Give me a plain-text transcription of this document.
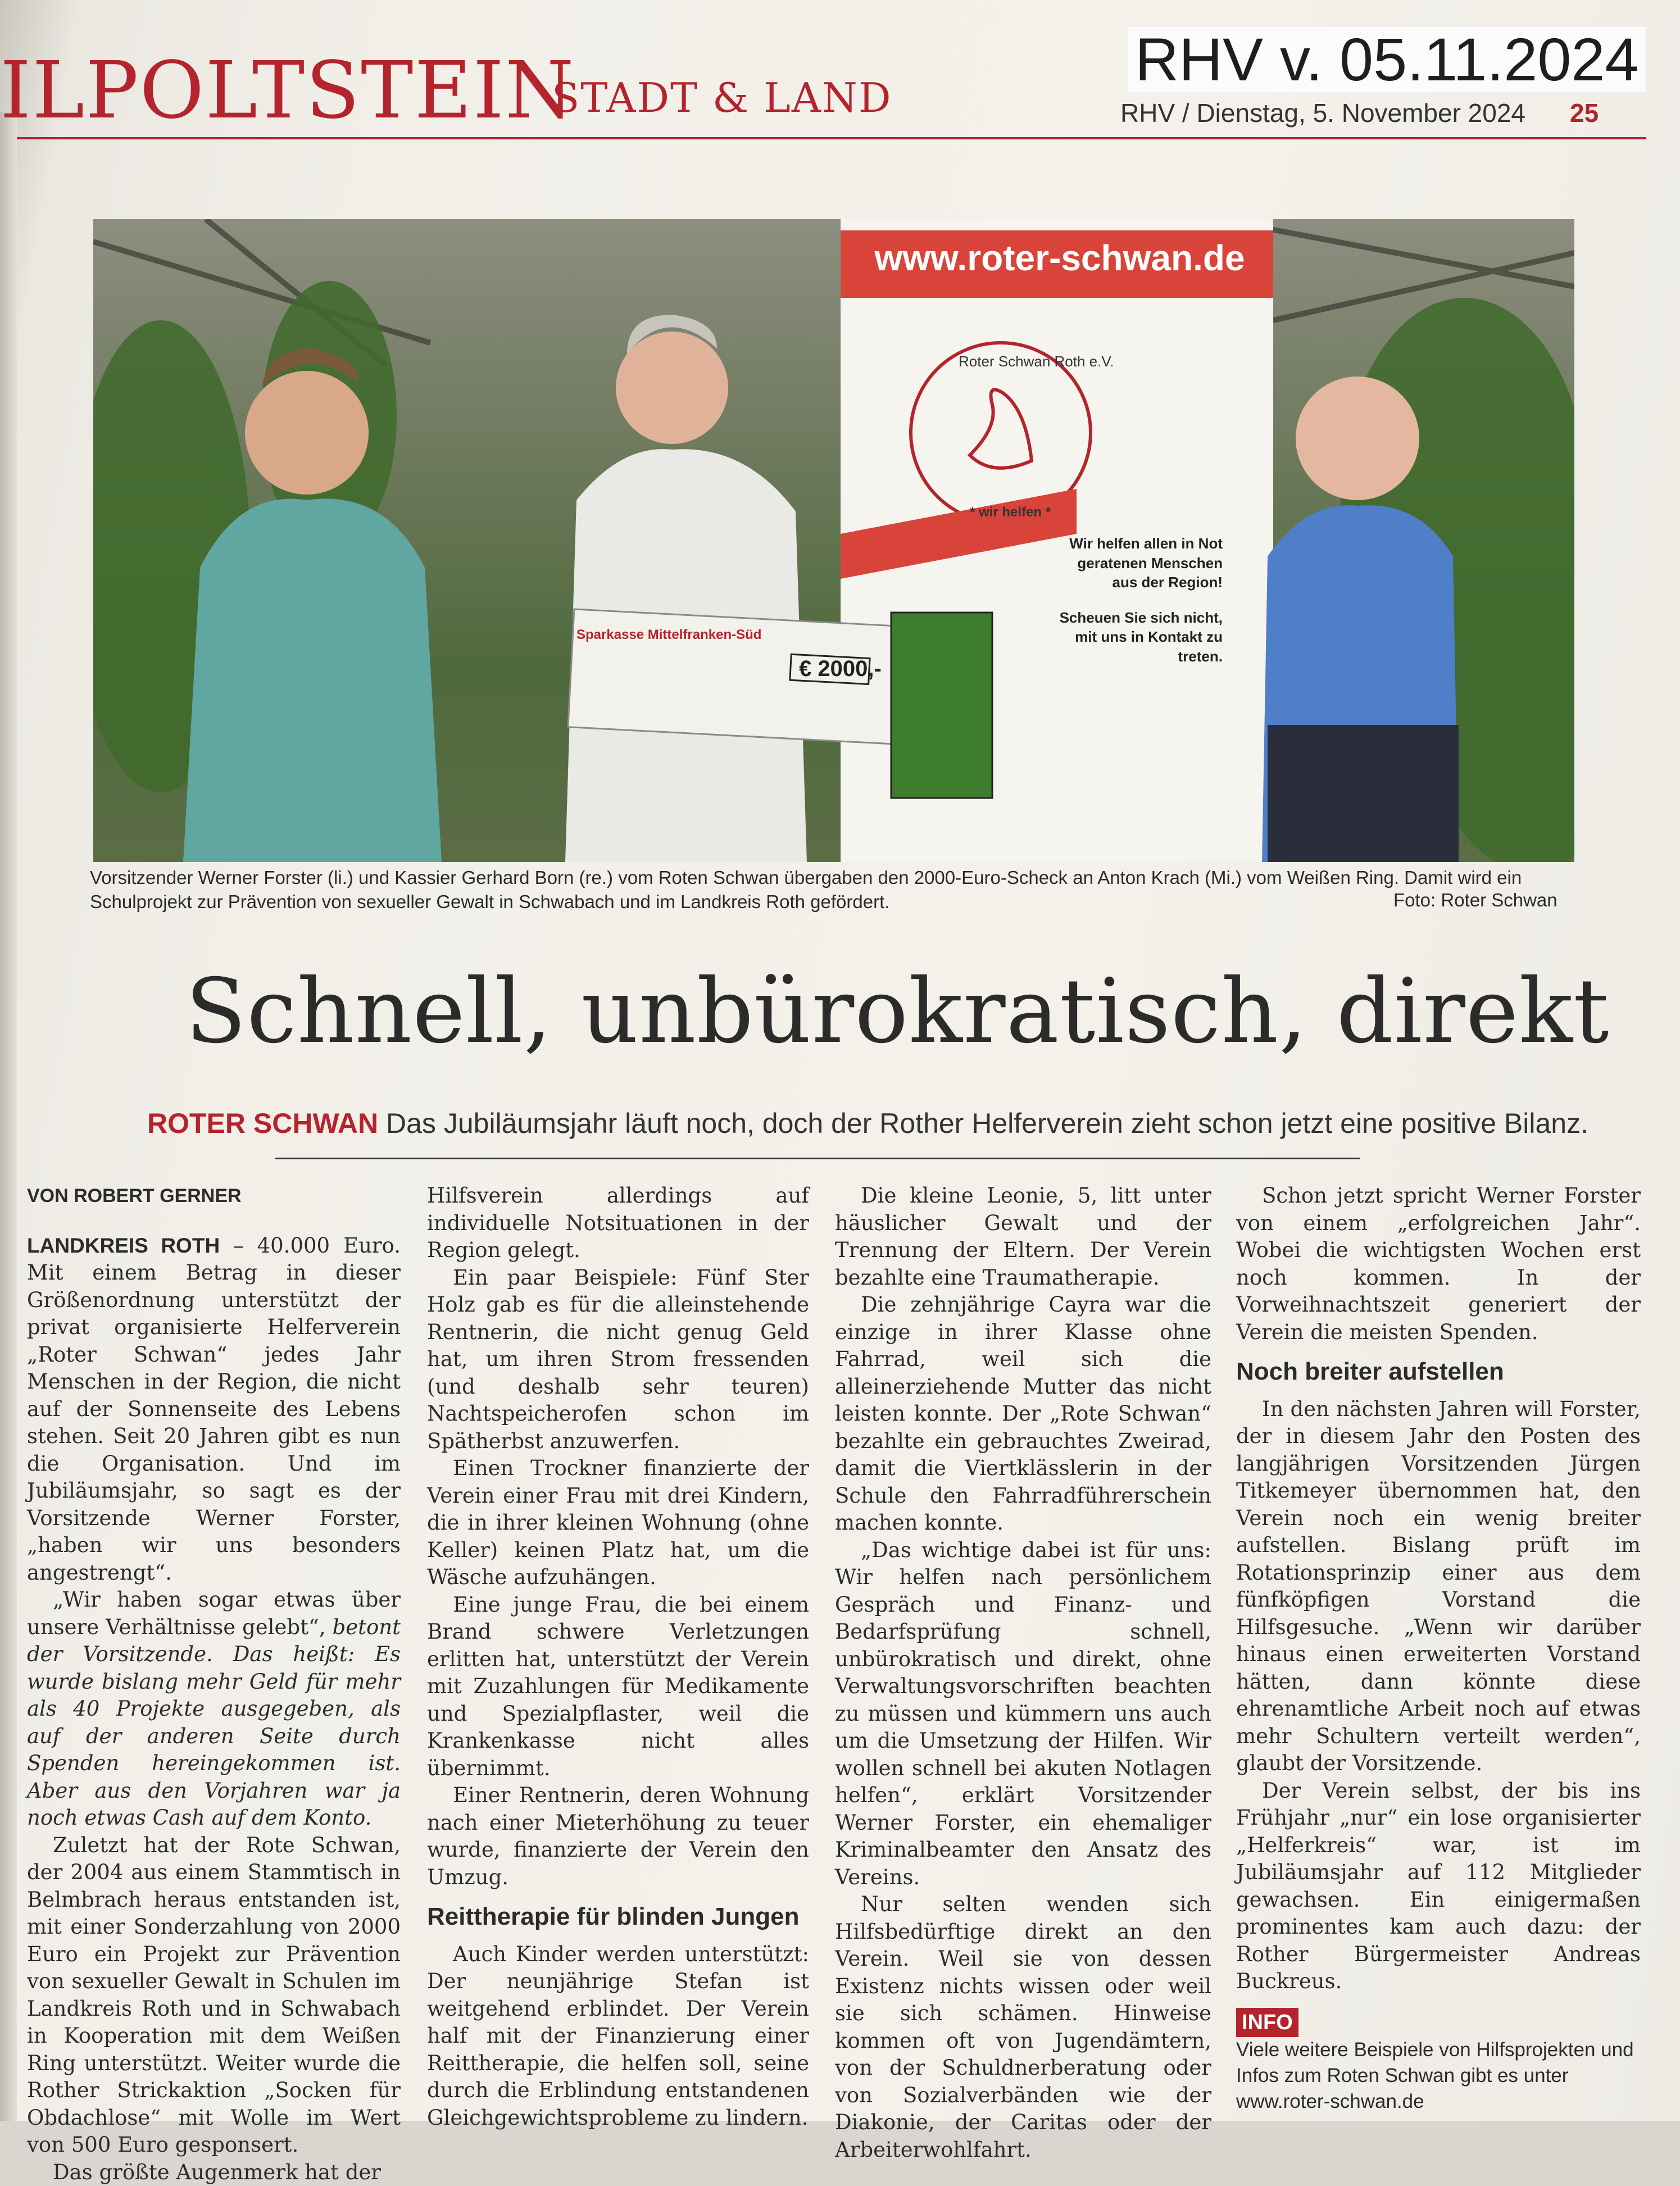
ILPOLTSTEIN
STADT & LAND
RHV v. 05.11.2024
RHV / Dienstag, 5. November 2024 25
www.roter-schwan.de
Roter Schwan Roth e.V.
* wir helfen *

Wir helfen allen in Not geratenen Menschen aus der Region!

Scheuen Sie sich nicht, mit uns in Kontakt zu treten.

Sparkasse Mittelfranken-Süd
€ 2000,-
Vorsitzender Werner Forster (li.) und Kassier Gerhard Born (re.) vom Roten Schwan übergaben den 2000-Euro-Scheck an Anton Krach (Mi.) vom Weißen Ring. Damit wird ein Schulprojekt zur Prävention von sexueller Gewalt in Schwabach und im Landkreis Roth gefördert.	Foto: Roter Schwan
Schnell, unbürokratisch, direkt
ROTER SCHWAN Das Jubiläumsjahr läuft noch, doch der Rother Helferverein zieht schon jetzt eine positive Bilanz.

VON ROBERT GERNER

LANDKREIS ROTH – 40.000 Euro. Mit einem Betrag in dieser Größenordnung unterstützt der privat organisierte Helferverein „Roter Schwan“ jedes Jahr Menschen in der Region, die nicht auf der Sonnenseite des Lebens stehen. Seit 20 Jahren gibt es nun die Organisation. Und im Jubiläumsjahr, so sagt es der Vorsitzende Werner Forster, „haben wir uns besonders angestrengt“.

„Wir haben sogar etwas über unsere Verhältnisse gelebt“, betont der Vorsitzende. Das heißt: Es wurde bislang mehr Geld für mehr als 40 Projekte ausgegeben, als auf der anderen Seite durch Spenden hereingekommen ist. Aber aus den Vorjahren war ja noch etwas Cash auf dem Konto.

Zuletzt hat der Rote Schwan, der 2004 aus einem Stammtisch in Belmbrach heraus entstanden ist, mit einer Sonderzahlung von 2000 Euro ein Projekt zur Prävention von sexueller Gewalt in Schulen im Landkreis Roth und in Schwabach in Kooperation mit dem Weißen Ring unterstützt. Weiter wurde die Rother Strickaktion „Socken für Obdachlose“ mit Wolle im Wert von 500 Euro gesponsert.

Das größte Augenmerk hat der

Hilfsverein allerdings auf individuelle Notsituationen in der Region gelegt.

Ein paar Beispiele: Fünf Ster Holz gab es für die alleinstehende Rentnerin, die nicht genug Geld hat, um ihren Strom fressenden (und deshalb sehr teuren) Nachtspeicherofen schon im Spätherbst anzuwerfen.

Einen Trockner finanzierte der Verein einer Frau mit drei Kindern, die in ihrer kleinen Wohnung (ohne Keller) keinen Platz hat, um die Wäsche aufzuhängen.

Eine junge Frau, die bei einem Brand schwere Verletzungen erlitten hat, unterstützt der Verein mit Zuzahlungen für Medikamente und Spezialpflaster, weil die Krankenkasse nicht alles übernimmt.

Einer Rentnerin, deren Wohnung nach einer Mieterhöhung zu teuer wurde, finanzierte der Verein den Umzug.

Reittherapie für blinden Jungen

Auch Kinder werden unterstützt: Der neunjährige Stefan ist weitgehend erblindet. Der Verein half mit der Finanzierung einer Reittherapie, die helfen soll, seine durch die Erblindung entstandenen Gleichgewichtsprobleme zu lindern.

Die kleine Leonie, 5, litt unter häuslicher Gewalt und der Trennung der Eltern. Der Verein bezahlte eine Traumatherapie.

Die zehnjährige Cayra war die einzige in ihrer Klasse ohne Fahrrad, weil sich die alleinerziehende Mutter das nicht leisten konnte. Der „Rote Schwan“ bezahlte ein gebrauchtes Zweirad, damit die Viertklässlerin in der Schule den Fahrradführerschein machen konnte.

„Das wichtige dabei ist für uns: Wir helfen nach persönlichem Gespräch und Finanz- und Bedarfsprüfung schnell, unbürokratisch und direkt, ohne Verwaltungsvorschriften beachten zu müssen und kümmern uns auch um die Umsetzung der Hilfen. Wir wollen schnell bei akuten Notlagen helfen“, erklärt Vorsitzender Werner Forster, ein ehemaliger Kriminalbeamter den Ansatz des Vereins.

Nur selten wenden sich Hilfsbedürftige direkt an den Verein. Weil sie von dessen Existenz nichts wissen oder weil sie sich schämen. Hinweise kommen oft von Jugendämtern, von der Schuldnerberatung oder von Sozialverbänden wie der Diakonie, der Caritas oder der Arbeiterwohlfahrt.

Schon jetzt spricht Werner Forster von einem „erfolgreichen Jahr“. Wobei die wichtigsten Wochen erst noch kommen. In der Vorweihnachtszeit generiert der Verein die meisten Spenden.

Noch breiter aufstellen

In den nächsten Jahren will Forster, der in diesem Jahr den Posten des langjährigen Vorsitzenden Jürgen Titkemeyer übernommen hat, den Verein noch ein wenig breiter aufstellen. Bislang prüft im Rotationsprinzip einer aus dem fünfköpfigen Vorstand die Hilfsgesuche. „Wenn wir darüber hinaus einen erweiterten Vorstand hätten, dann könnte diese ehrenamtliche Arbeit noch auf etwas mehr Schultern verteilt werden“, glaubt der Vorsitzende.

Der Verein selbst, der bis ins Frühjahr „nur“ ein lose organisierter „Helferkreis“ war, ist im Jubiläumsjahr auf 112 Mitglieder gewachsen. Ein einigermaßen prominentes kam auch dazu: der Rother Bürgermeister Andreas Buckreus.

INFO

Viele weitere Beispiele von Hilfsprojekten und Infos zum Roten Schwan gibt es unter www.roter-schwan.de
